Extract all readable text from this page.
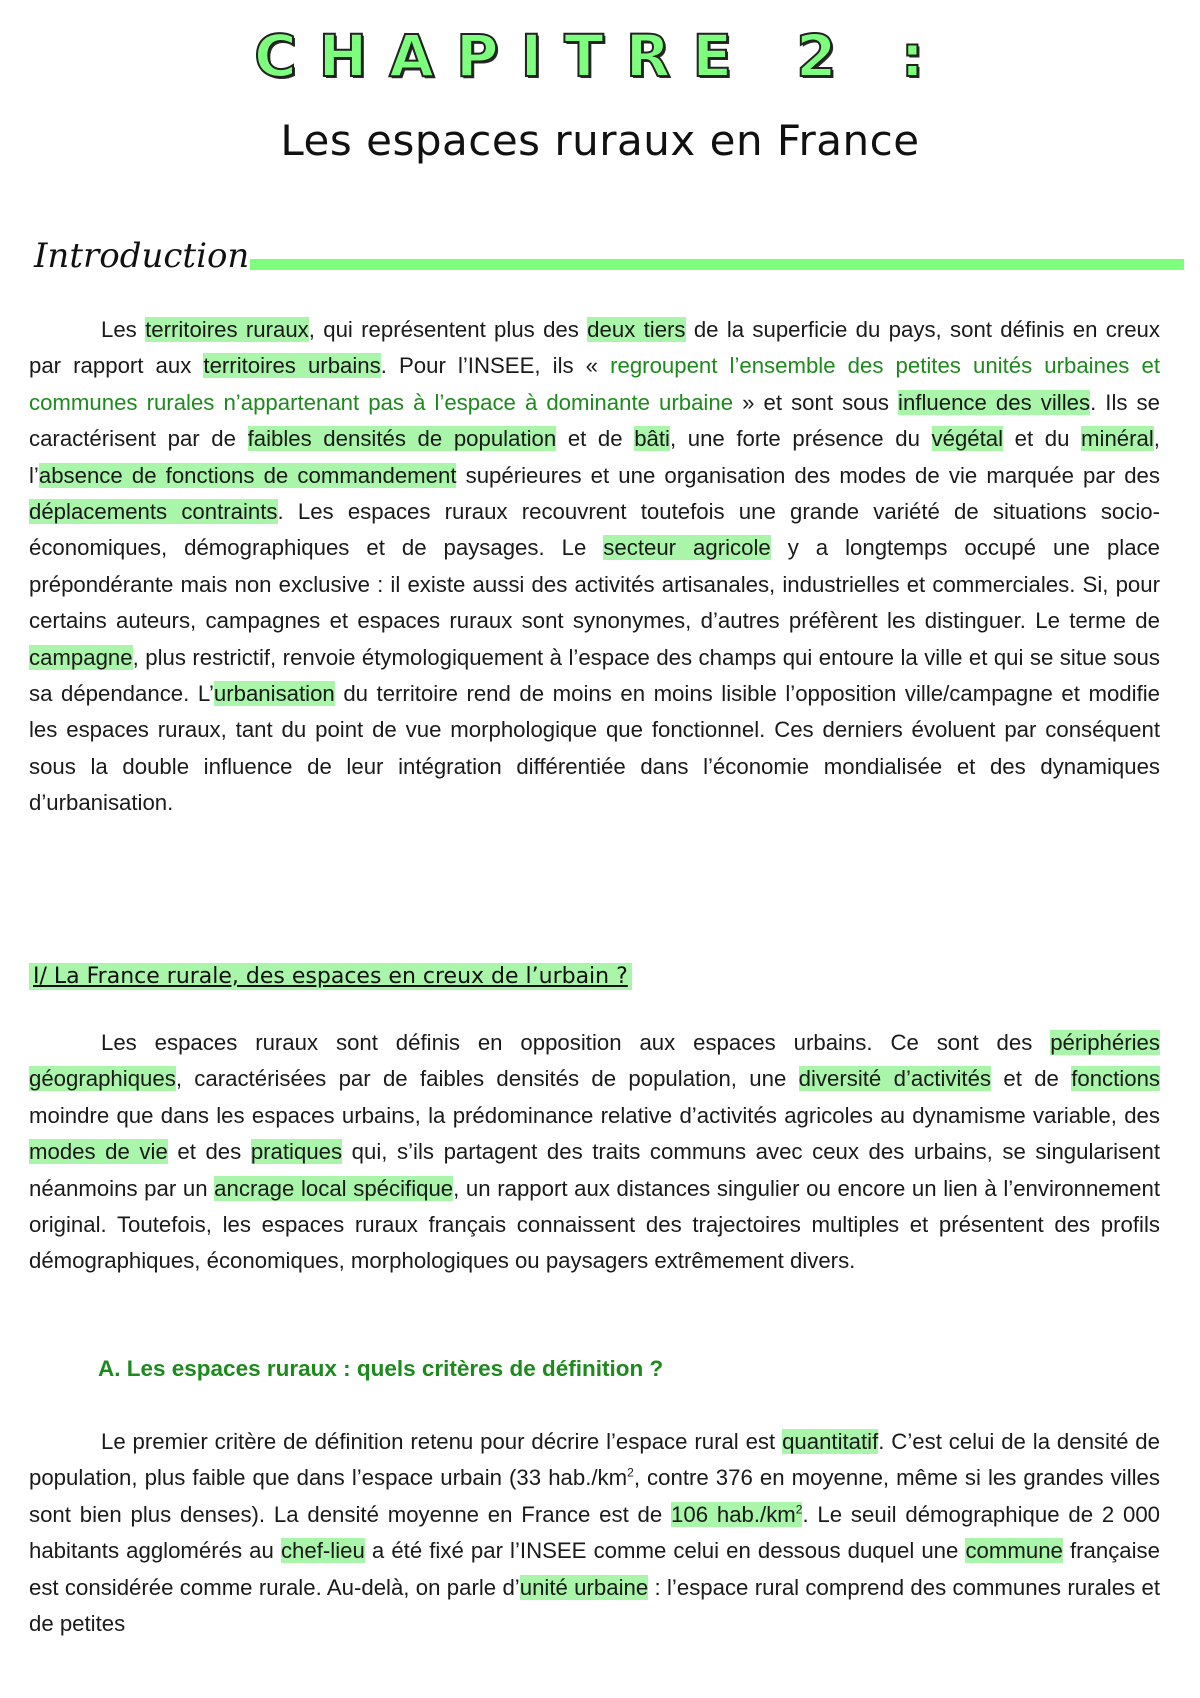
CHAPITRE 2 :
Les espaces ruraux en France
Introduction

Les territoires ruraux, qui représentent plus des deux tiers de la superficie du pays, sont définis en creux par rapport aux territoires urbains. Pour l’INSEE, ils « regroupent l’ensemble des petites unités urbaines et communes rurales n’appartenant pas à l’espace à dominante urbaine » et sont sous influence des villes. Ils se caractérisent par de faibles densités de population et de bâti, une forte présence du végétal et du minéral, l’absence de fonctions de commandement supérieures et une organisation des modes de vie marquée par des déplacements contraints. Les espaces ruraux recouvrent toutefois une grande variété de situations socio-économiques, démographiques et de paysages. Le secteur agricole y a longtemps occupé une place prépondérante mais non exclusive : il existe aussi des activités artisanales, industrielles et commerciales. Si, pour certains auteurs, campagnes et espaces ruraux sont synonymes, d’autres préfèrent les distinguer. Le terme de campagne, plus restrictif, renvoie étymologiquement à l’espace des champs qui entoure la ville et qui se situe sous sa dépendance. L’urbanisation du territoire rend de moins en moins lisible l’opposition ville/campagne et modifie les espaces ruraux, tant du point de vue morphologique que fonctionnel. Ces derniers évoluent par conséquent sous la double influence de leur intégration différentiée dans l’économie mondialisée et des dynamiques d’urbanisation.

I/ La France rurale, des espaces en creux de l’urbain ?

Les espaces ruraux sont définis en opposition aux espaces urbains. Ce sont des périphéries géographiques, caractérisées par de faibles densités de population, une diversité d’activités et de fonctions moindre que dans les espaces urbains, la prédominance relative d’activités agricoles au dynamisme variable, des modes de vie et des pratiques qui, s’ils partagent des traits communs avec ceux des urbains, se singularisent néanmoins par un ancrage local spécifique, un rapport aux distances singulier ou encore un lien à l’environnement original. Toutefois, les espaces ruraux français connaissent des trajectoires multiples et présentent des profils démographiques, économiques, morphologiques ou paysagers extrêmement divers.

A. Les espaces ruraux : quels critères de définition ?

Le premier critère de définition retenu pour décrire l’espace rural est quantitatif. C’est celui de la densité de population, plus faible que dans l’espace urbain (33 $hab./km^2$, contre 376 en moyenne, même si les grandes villes sont bien plus denses). La densité moyenne en France est de 106 $hab./km^2$. Le seuil démographique de 2 000 habitants agglomérés au chef-lieu a été fixé par l’INSEE comme celui en dessous duquel une commune française est considérée comme rurale. Au-delà, on parle d’unité urbaine : l’espace rural comprend des communes rurales et de petites
